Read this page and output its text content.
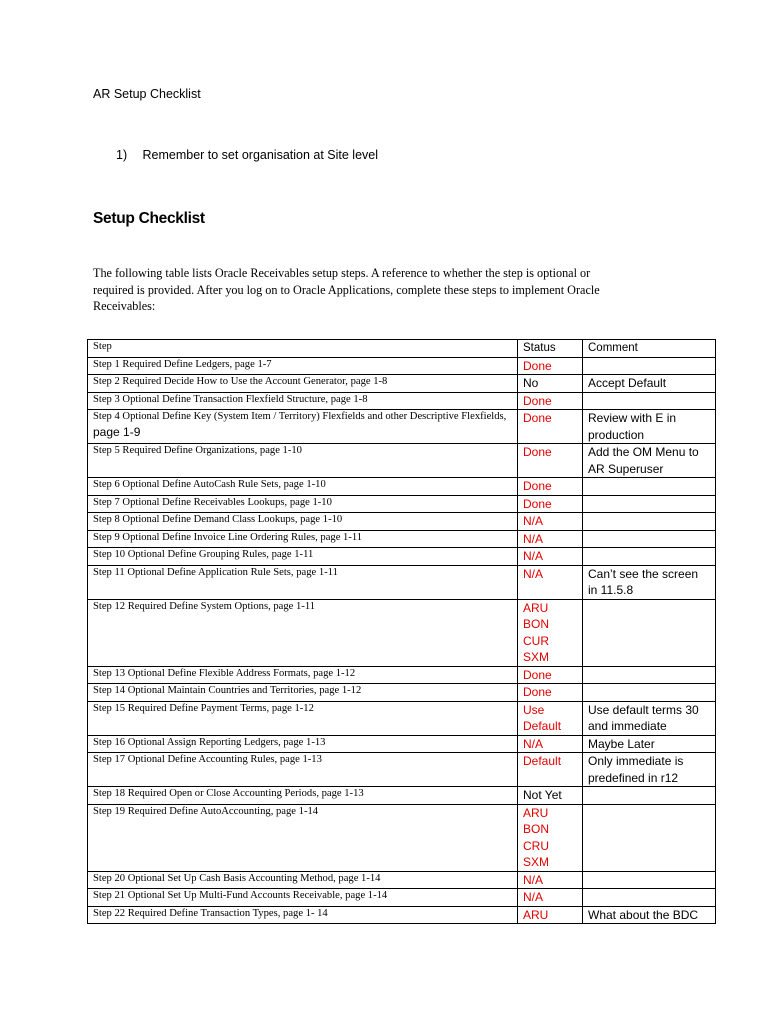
AR Setup Checklist
1) Remember to set organisation at Site level
Setup Checklist
The following table lists Oracle Receivables setup steps. A reference to whether the step is optional or required is provided. After you log on to Oracle Applications, complete these steps to implement Oracle Receivables:
Step	Status	Comment
Step 1 Required Define Ledgers, page 1-7	Done	

Step 2 Required Decide How to Use the Account Generator, page 1-8	No	Accept Default

Step 3 Optional Define Transaction Flexfield Structure, page 1-8	Done	

Step 4 Optional Define Key (System Item / Territory) Flexfields and other Descriptive Flexfields, page 1-9	Done	Review with E in
production

Step 5 Required Define Organizations, page 1-10	Done	Add the OM Menu to
AR Superuser

Step 6 Optional Define AutoCash Rule Sets, page 1-10	Done	

Step 7 Optional Define Receivables Lookups, page 1-10	Done	

Step 8 Optional Define Demand Class Lookups, page 1-10	N/A	

Step 9 Optional Define Invoice Line Ordering Rules, page 1-11	N/A	

Step 10 Optional Define Grouping Rules, page 1-11	N/A	

Step 11 Optional Define Application Rule Sets, page 1-11	N/A	Can’t see the screen
in 11.5.8

Step 12 Required Define System Options, page 1-11	ARU
BON
CUR
SXM	

Step 13 Optional Define Flexible Address Formats, page 1-12	Done	

Step 14 Optional Maintain Countries and Territories, page 1-12	Done	

Step 15 Required Define Payment Terms, page 1-12	Use
Default	Use default terms 30
and immediate

Step 16 Optional Assign Reporting Ledgers, page 1-13	N/A	Maybe Later

Step 17 Optional Define Accounting Rules, page 1-13	Default	Only immediate is
predefined in r12

Step 18 Required Open or Close Accounting Periods, page 1-13	Not Yet	

Step 19 Required Define AutoAccounting, page 1-14	ARU
BON
CRU
SXM	

Step 20 Optional Set Up Cash Basis Accounting Method, page 1-14	N/A	

Step 21 Optional Set Up Multi-Fund Accounts Receivable, page 1-14	N/A	

Step 22 Required Define Transaction Types, page 1- 14	ARU	What about the BDC
